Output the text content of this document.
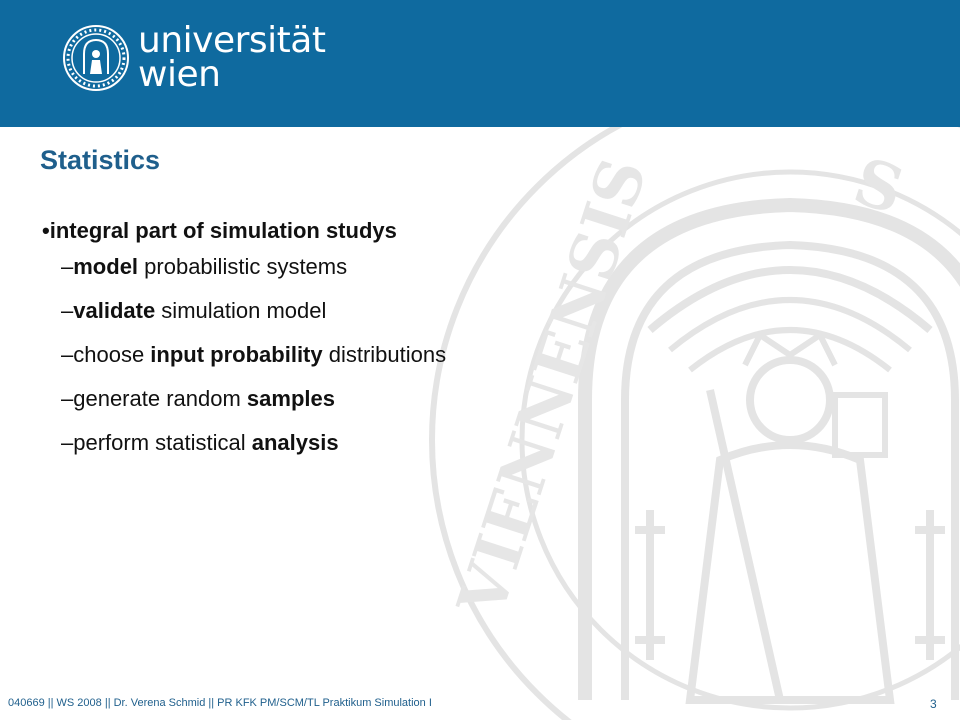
VIENNENSIS	S
universität
wien
Statistics
•integral part of simulation studys
–model probabilistic systems
–validate simulation model
–choose input probability distributions
–generate random samples
–perform statistical analysis
040669 || WS 2008 || Dr. Verena Schmid || PR KFK PM/SCM/TL Praktikum Simulation I	3
